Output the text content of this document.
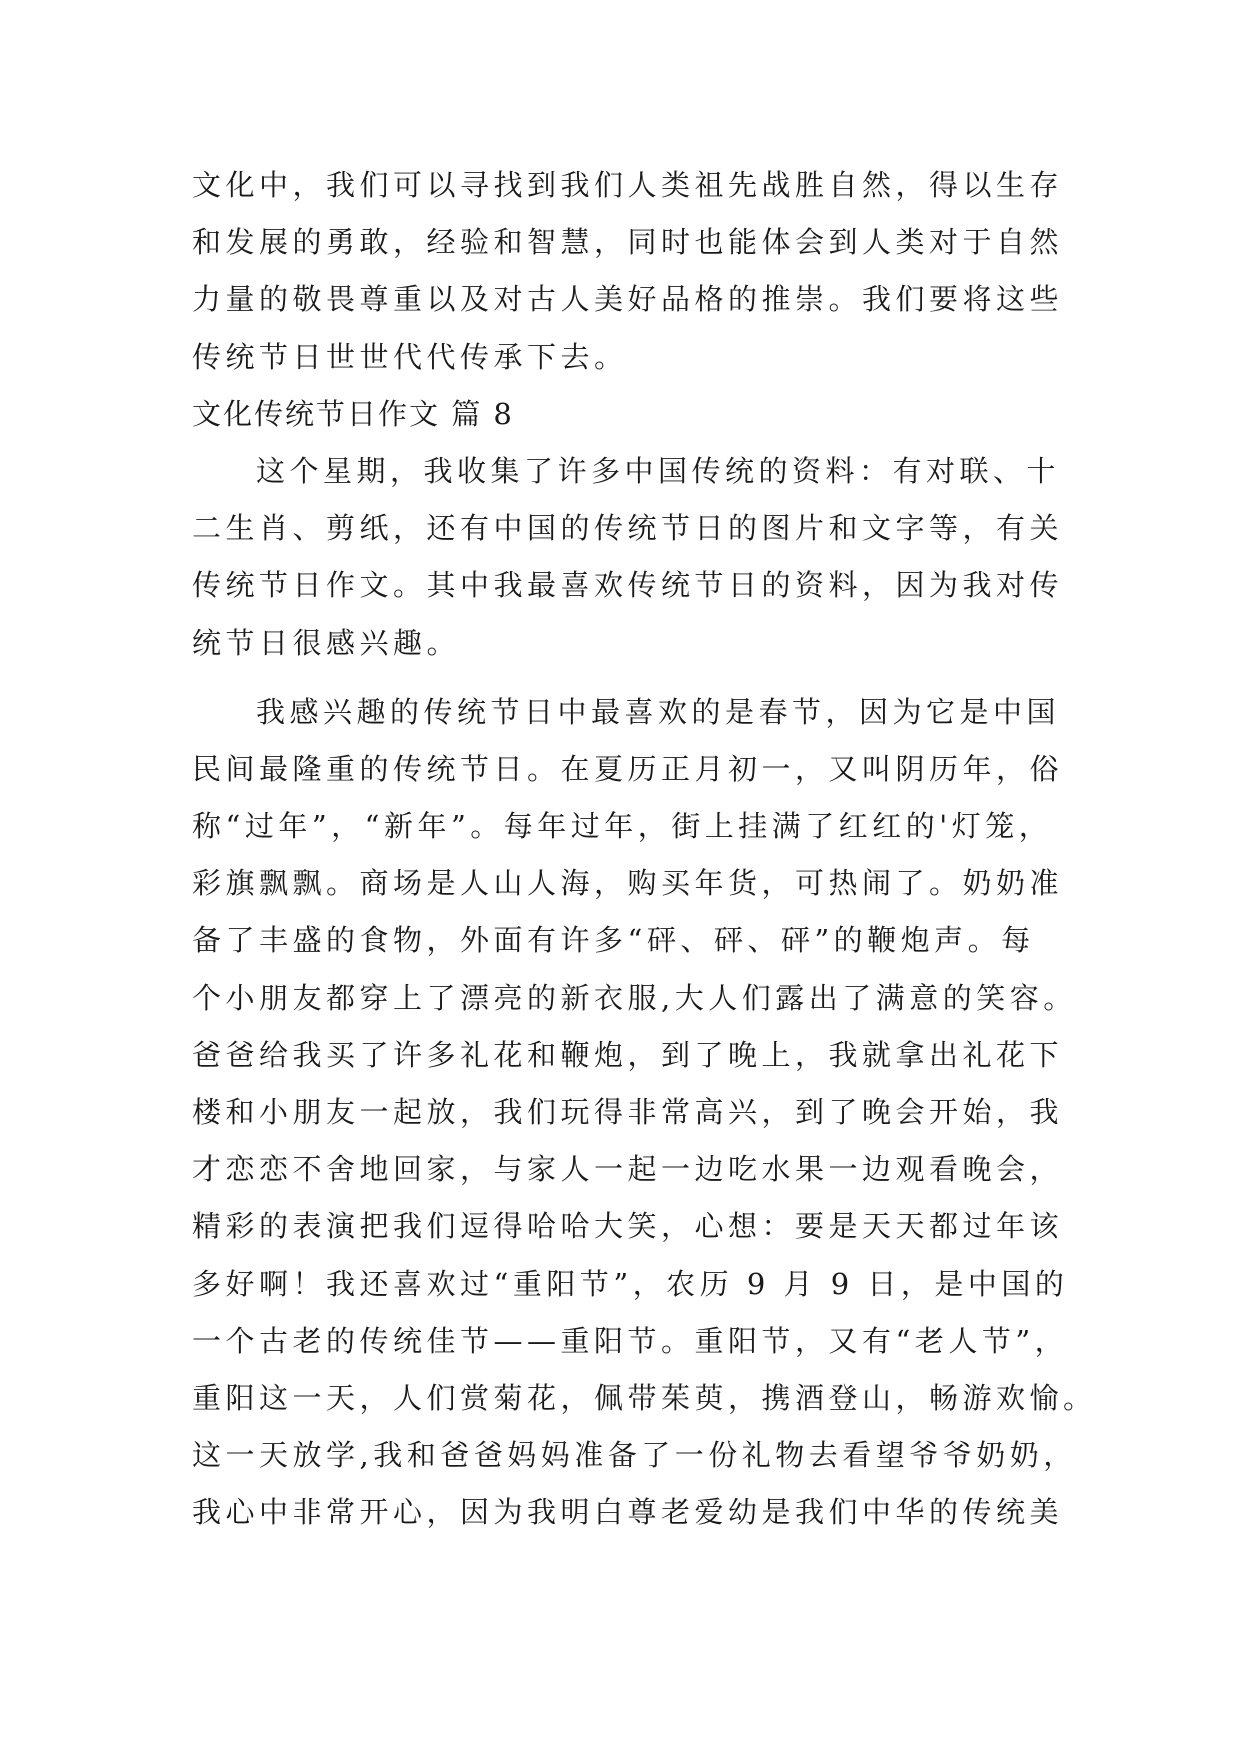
文化中，我们可以寻找到我们人类祖先战胜自然，得以生存
和发展的勇敢，经验和智慧，同时也能体会到人类对于自然
力量的敬畏尊重以及对古人美好品格的推崇。我们要将这些
传统节日世世代代传承下去。
文化传统节日作文 篇 8
这个星期，我收集了许多中国传统的资料：有对联、十
二生肖、剪纸，还有中国的传统节日的图片和文字等，有关
传统节日作文。其中我最喜欢传统节日的资料，因为我对传
统节日很感兴趣。
我感兴趣的传统节日中最喜欢的是春节，因为它是中国
民间最隆重的传统节日。在夏历正月初一，又叫阴历年，俗
称“过年”，“新年”。每年过年，街上挂满了红红的'灯笼，
彩旗飘飘。商场是人山人海，购买年货，可热闹了。奶奶准
备了丰盛的食物，外面有许多“砰、砰、砰”的鞭炮声。每
个小朋友都穿上了漂亮的新衣服,大人们露出了满意的笑容。
爸爸给我买了许多礼花和鞭炮，到了晚上，我就拿出礼花下
楼和小朋友一起放，我们玩得非常高兴，到了晚会开始，我
才恋恋不舍地回家，与家人一起一边吃水果一边观看晚会，
精彩的表演把我们逗得哈哈大笑，心想：要是天天都过年该
多好啊！我还喜欢过“重阳节”，农历 9 月 9 日，是中国的
一个古老的传统佳节——重阳节。重阳节，又有“老人节”，
重阳这一天，人们赏菊花，佩带茱萸，携酒登山，畅游欢愉。
这一天放学,我和爸爸妈妈准备了一份礼物去看望爷爷奶奶，
我心中非常开心，因为我明白尊老爱幼是我们中华的传统美
